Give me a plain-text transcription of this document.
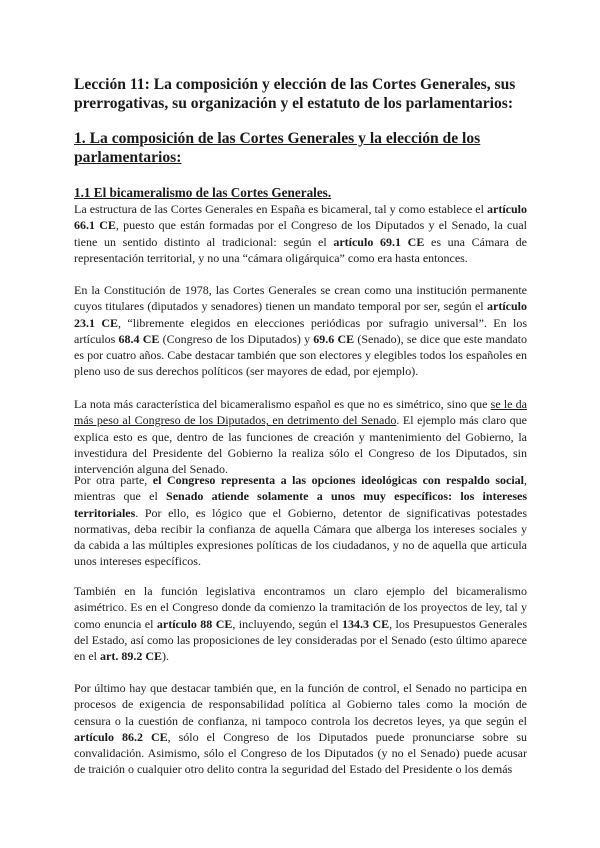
Lección 11: La composición y elección de las Cortes Generales, sus prerrogativas, su organización y el estatuto de los parlamentarios:
1. La composición de las Cortes Generales y la elección de los parlamentarios:
1.1 El bicameralismo de las Cortes Generales.

La estructura de las Cortes Generales en España es bicameral, tal y como establece el artículo 66.1 CE, puesto que están formadas por el Congreso de los Diputados y el Senado, la cual tiene un sentido distinto al tradicional: según el artículo 69.1 CE es una Cámara de representación territorial, y no una “cámara oligárquica” como era hasta entonces.

En la Constitución de 1978, las Cortes Generales se crean como una institución permanente cuyos titulares (diputados y senadores) tienen un mandato temporal por ser, según el artículo 23.1 CE, “libremente elegidos en elecciones periódicas por sufragio universal”. En los artículos 68.4 CE (Congreso de los Diputados) y 69.6 CE (Senado), se dice que este mandato es por cuatro años. Cabe destacar también que son electores y elegibles todos los españoles en pleno uso de sus derechos políticos (ser mayores de edad, por ejemplo).

La nota más característica del bicameralismo español es que no es simétrico, sino que se le da más peso al Congreso de los Diputados, en detrimento del Senado. El ejemplo más claro que explica esto es que, dentro de las funciones de creación y mantenimiento del Gobierno, la investidura del Presidente del Gobierno la realiza sólo el Congreso de los Diputados, sin intervención alguna del Senado.

Por otra parte, el Congreso representa a las opciones ideológicas con respaldo social, mientras que el Senado atiende solamente a unos muy específicos: los intereses territoriales. Por ello, es lógico que el Gobierno, detentor de significativas potestades normativas, deba recibir la confianza de aquella Cámara que alberga los intereses sociales y da cabida a las múltiples expresiones políticas de los ciudadanos, y no de aquella que articula unos intereses específicos.

También en la función legislativa encontramos un claro ejemplo del bicameralismo asimétrico. Es en el Congreso donde da comienzo la tramitación de los proyectos de ley, tal y como enuncia el artículo 88 CE, incluyendo, según el 134.3 CE, los Presupuestos Generales del Estado, así como las proposiciones de ley consideradas por el Senado (esto último aparece en el art. 89.2 CE).

Por último hay que destacar también que, en la función de control, el Senado no participa en procesos de exigencia de responsabilidad política al Gobierno tales como la moción de censura o la cuestión de confianza, ni tampoco controla los decretos leyes, ya que según el artículo 86.2 CE, sólo el Congreso de los Diputados puede pronunciarse sobre su convalidación. Asimismo, sólo el Congreso de los Diputados (y no el Senado) puede acusar de traición o cualquier otro delito contra la seguridad del Estado del Presidente o los demás
